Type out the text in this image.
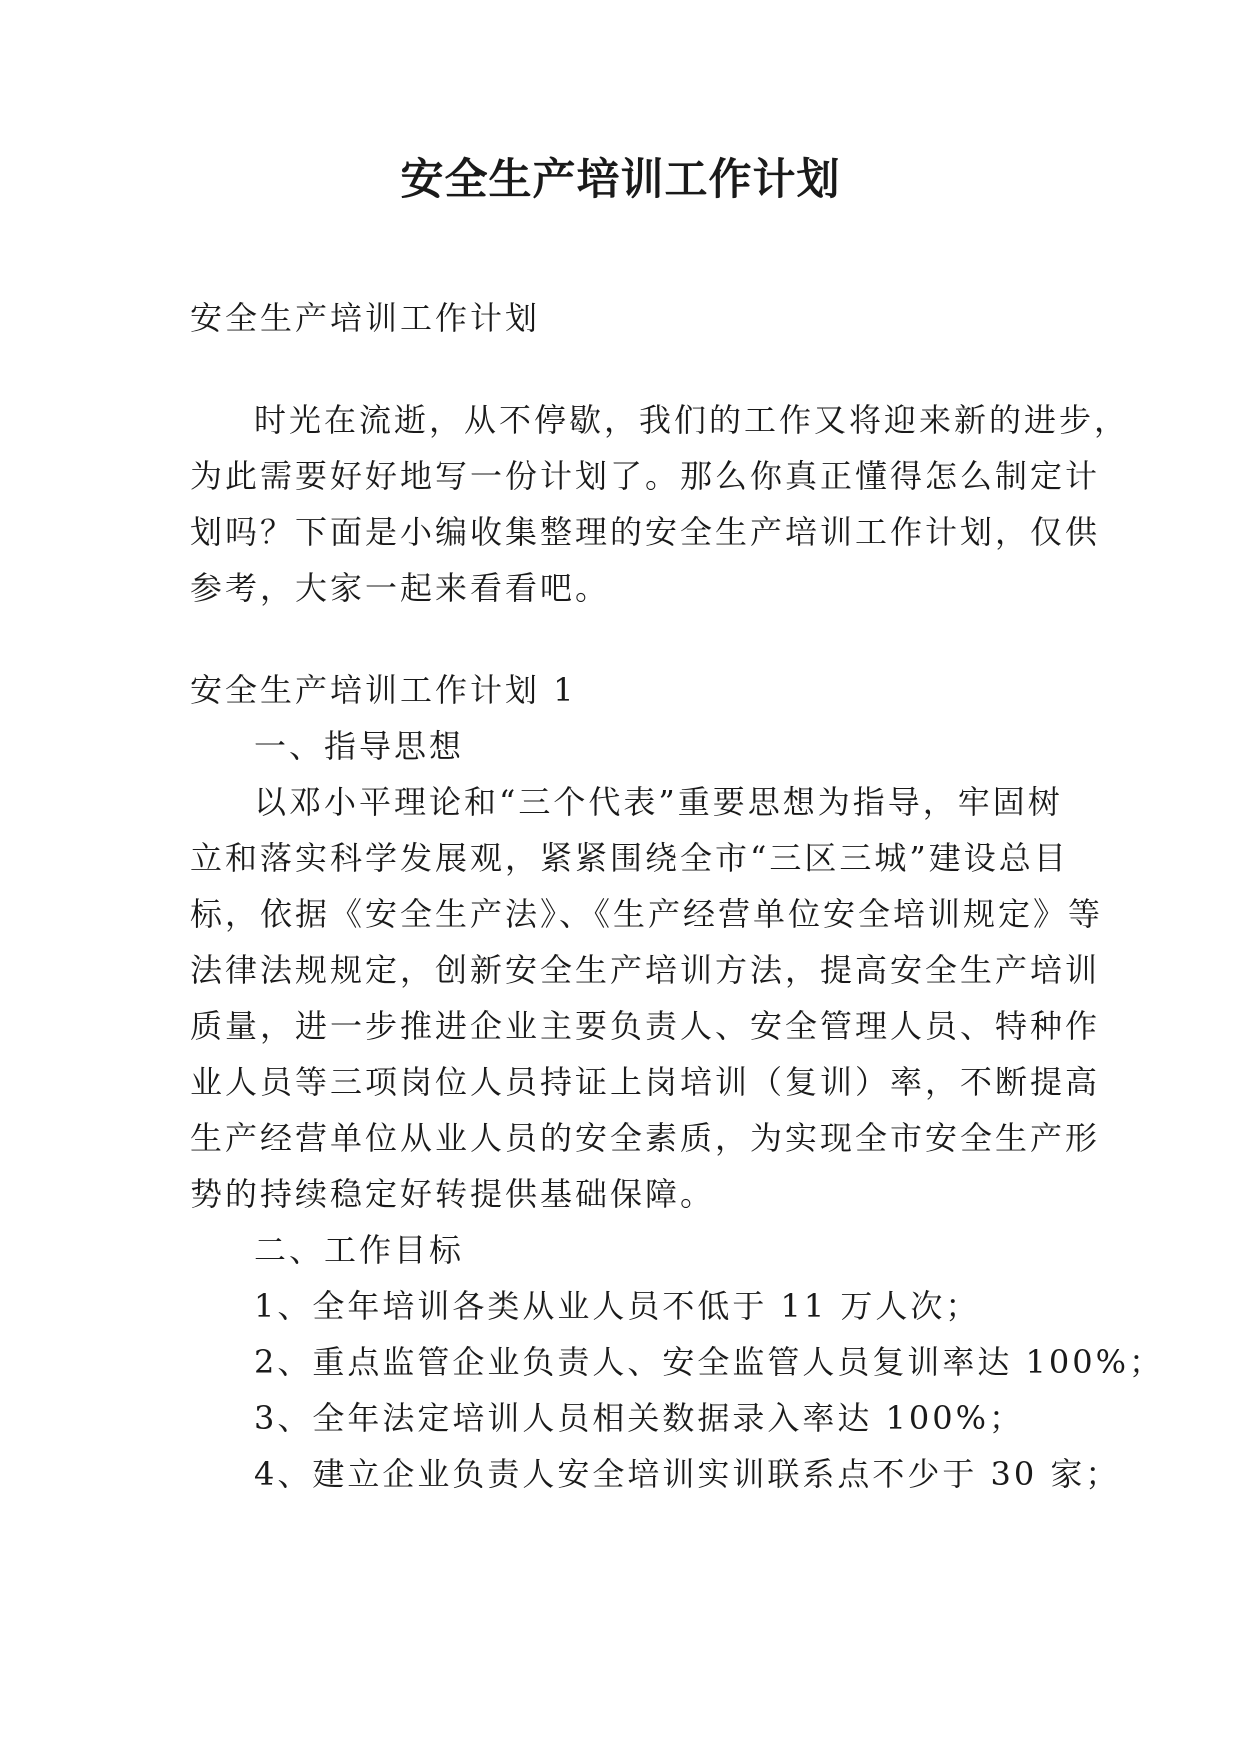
安全生产培训工作计划

安全生产培训工作计划

时光在流逝，从不停歇，我们的工作又将迎来新的进步，

为此需要好好地写一份计划了。那么你真正懂得怎么制定计

划吗？下面是小编收集整理的安全生产培训工作计划，仅供

参考，大家一起来看看吧。

安全生产培训工作计划 1

一、指导思想

以邓小平理论和“三个代表”重要思想为指导，牢固树

立和落实科学发展观，紧紧围绕全市“三区三城”建设总目

标，依据《安全生产法》、《生产经营单位安全培训规定》等

法律法规规定，创新安全生产培训方法，提高安全生产培训

质量，进一步推进企业主要负责人、安全管理人员、特种作

业人员等三项岗位人员持证上岗培训（复训）率，不断提高

生产经营单位从业人员的安全素质，为实现全市安全生产形

势的持续稳定好转提供基础保障。

二、工作目标

1、全年培训各类从业人员不低于 11 万人次；

2、重点监管企业负责人、安全监管人员复训率达 100%；

3、全年法定培训人员相关数据录入率达 100%；

4、建立企业负责人安全培训实训联系点不少于 30 家；
